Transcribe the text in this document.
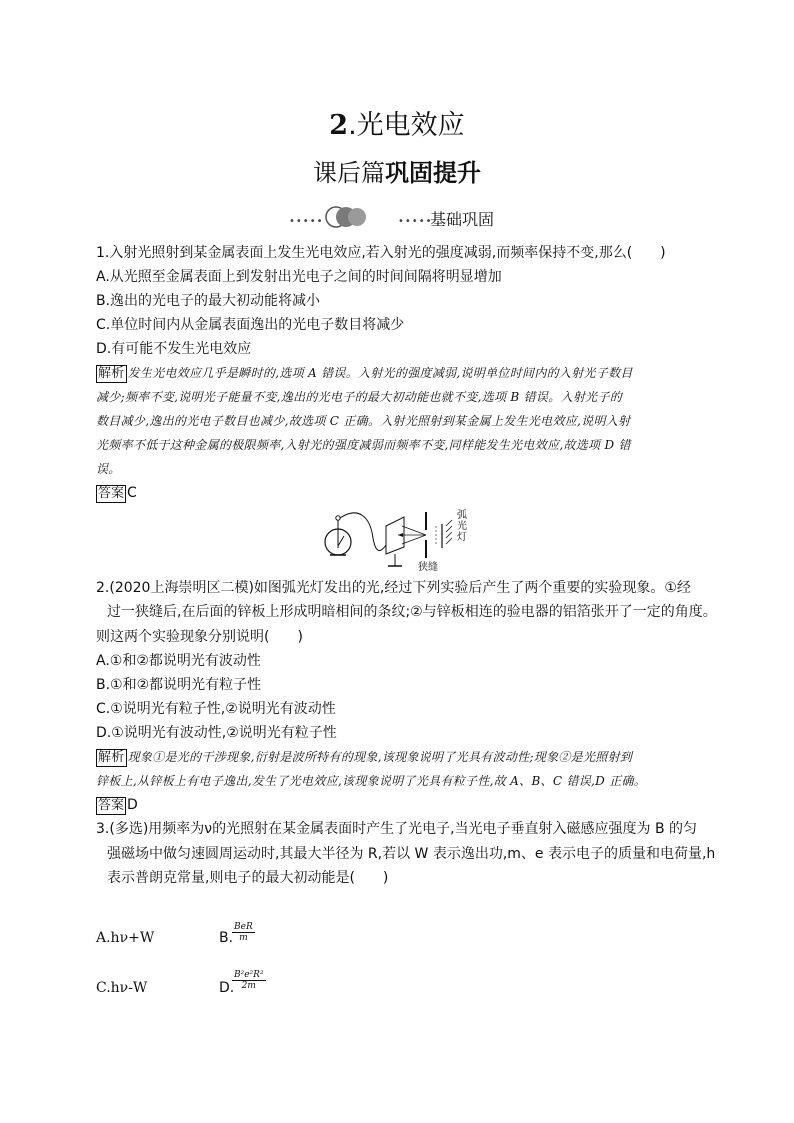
2.光电效应
课后篇巩固提升
•••••	•••••
基础巩固
1.入射光照射到某金属表面上发生光电效应,若入射光的强度减弱,而频率保持不变,那么(　　)
A.从光照至金属表面上到发射出光电子之间的时间间隔将明显增加
B.逸出的光电子的最大初动能将减小
C.单位时间内从金属表面逸出的光电子数目将减少
D.有可能不发生光电效应
解析 发生光电效应几乎是瞬时的,选项 A 错误。入射光的强度减弱,说明单位时间内的入射光子数目
减少;频率不变,说明光子能量不变,逸出的光电子的最大初动能也就不变,选项 B 错误。入射光子的
数目减少,逸出的光电子数目也减少,故选项 C 正确。入射光照射到某金属上发生光电效应,说明入射
光频率不低于这种金属的极限频率,入射光的强度减弱而频率不变,同样能发生光电效应,故选项 D 错
误。
答案 C
弧
光
灯
狭缝
2.(2020上海崇明区二模)如图弧光灯发出的光,经过下列实验后产生了两个重要的实验现象。①经
过一狭缝后,在后面的锌板上形成明暗相间的条纹;②与锌板相连的验电器的铝箔张开了一定的角度。
则这两个实验现象分别说明(　　)
A.①和②都说明光有波动性
B.①和②都说明光有粒子性
C.①说明光有粒子性,②说明光有波动性
D.①说明光有波动性,②说明光有粒子性
解析 现象①是光的干涉现象,衍射是波所特有的现象,该现象说明了光具有波动性;现象②是光照射到
锌板上,从锌板上有电子逸出,发生了光电效应,该现象说明了光具有粒子性,故 A、B、C 错误,D 正确。
答案 D
3.(多选)用频率为ν的光照射在某金属表面时产生了光电子,当光电子垂直射入磁感应强度为 B 的匀
强磁场中做匀速圆周运动时,其最大半径为 R,若以 W 表示逸出功,m、e 表示电子的质量和电荷量,h
表示普朗克常量,则电子的最大初动能是(　　)
A.hν+W	B.
BeR
m
C.hν-W	D.
$\frac{\text{B²e²R²}}{2m}$
